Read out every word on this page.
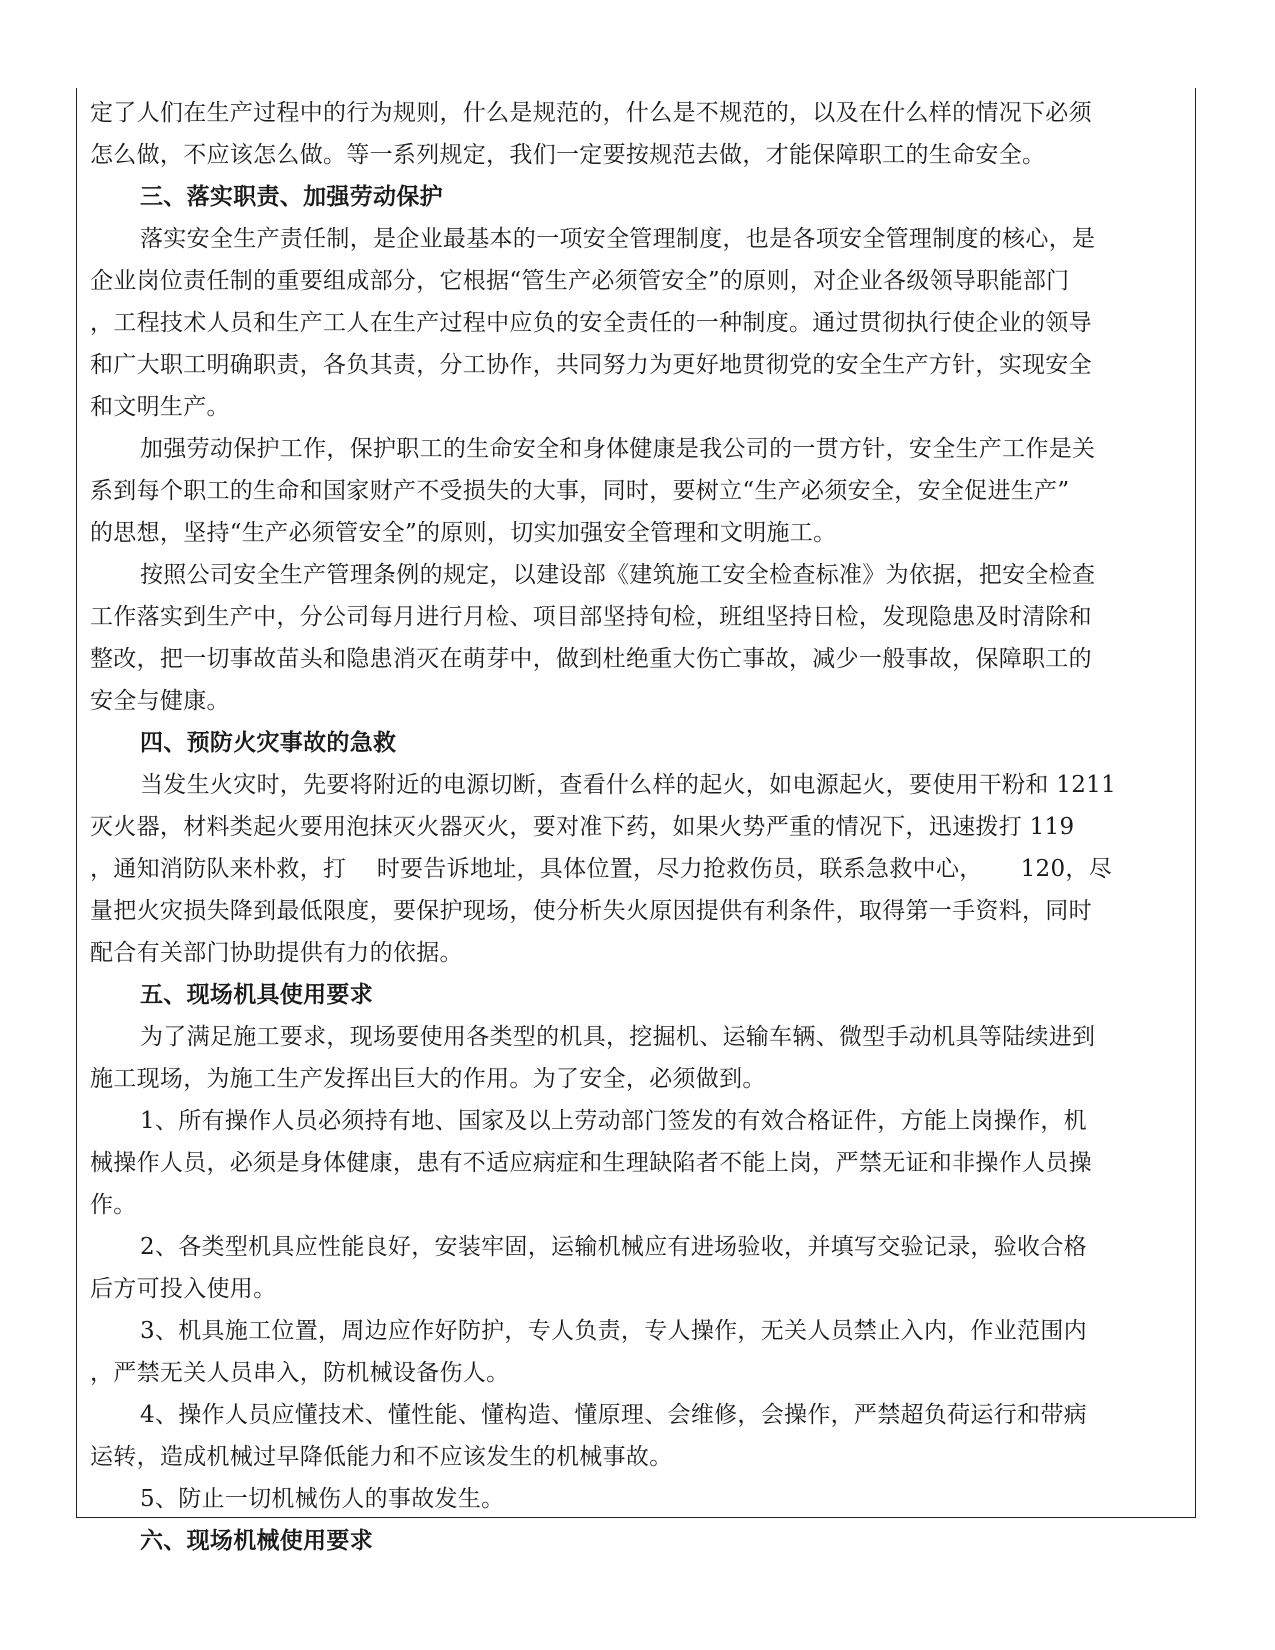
定了人们在生产过程中的行为规则，什么是规范的，什么是不规范的，以及在什么样的情况下必须
怎么做，不应该怎么做。等一系列规定，我们一定要按规范去做，才能保障职工的生命安全。
三、落实职责、加强劳动保护
落实安全生产责任制，是企业最基本的一项安全管理制度，也是各项安全管理制度的核心，是
企业岗位责任制的重要组成部分，它根据“管生产必须管安全”的原则，对企业各级领导职能部门
，工程技术人员和生产工人在生产过程中应负的安全责任的一种制度。通过贯彻执行使企业的领导
和广大职工明确职责，各负其责，分工协作，共同努力为更好地贯彻党的安全生产方针，实现安全
和文明生产。
加强劳动保护工作，保护职工的生命安全和身体健康是我公司的一贯方针，安全生产工作是关
系到每个职工的生命和国家财产不受损失的大事，同时，要树立“生产必须安全，安全促进生产”
的思想，坚持“生产必须管安全”的原则，切实加强安全管理和文明施工。
按照公司安全生产管理条例的规定，以建设部《建筑施工安全检查标准》为依据，把安全检查
工作落实到生产中，分公司每月进行月检、项目部坚持旬检，班组坚持日检，发现隐患及时清除和
整改，把一切事故苗头和隐患消灭在萌芽中，做到杜绝重大伤亡事故，减少一般事故，保障职工的
安全与健康。
四、预防火灾事故的急救
当发生火灾时，先要将附近的电源切断，查看什么样的起火，如电源起火，要使用干粉和 1211
灭火器，材料类起火要用泡抹灭火器灭火，要对准下药，如果火势严重的情况下，迅速拨打 119
，通知消防队来朴救，打    时要告诉地址，具体位置，尽力抢救伤员，联系急救中心，     120，尽
量把火灾损失降到最低限度，要保护现场，使分析失火原因提供有利条件，取得第一手资料，同时
配合有关部门协助提供有力的依据。
五、现场机具使用要求
为了满足施工要求，现场要使用各类型的机具，挖掘机、运输车辆、微型手动机具等陆续进到
施工现场，为施工生产发挥出巨大的作用。为了安全，必须做到。
1、所有操作人员必须持有地、国家及以上劳动部门签发的有效合格证件，方能上岗操作，机
械操作人员，必须是身体健康，患有不适应病症和生理缺陷者不能上岗，严禁无证和非操作人员操
作。
2、各类型机具应性能良好，安装牢固，运输机械应有进场验收，并填写交验记录，验收合格
后方可投入使用。
3、机具施工位置，周边应作好防护，专人负责，专人操作，无关人员禁止入内，作业范围内
，严禁无关人员串入，防机械设备伤人。
4、操作人员应懂技术、懂性能、懂构造、懂原理、会维修，会操作，严禁超负荷运行和带病
运转，造成机械过早降低能力和不应该发生的机械事故。
5、防止一切机械伤人的事故发生。
六、现场机械使用要求
